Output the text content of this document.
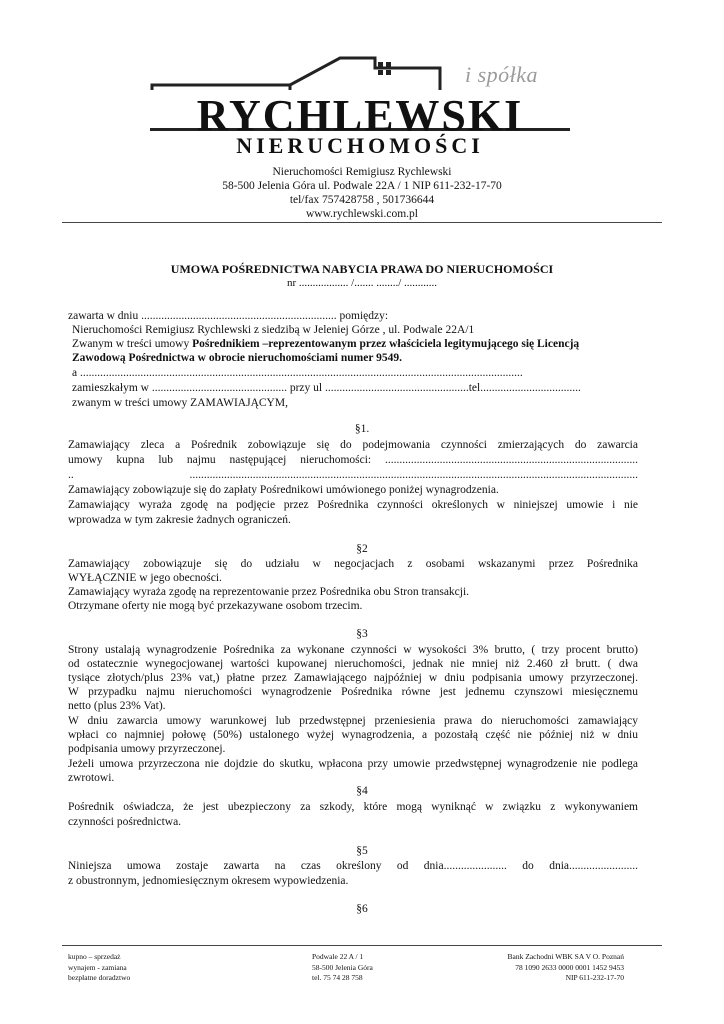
i spółka
RYCHLEWSKI
NIERUCHOMOŚCI
Nieruchomości Remigiusz Rychlewski
58-500 Jelenia Góra ul. Podwale 22A / 1 NIP 611-232-17-70
tel/fax 757428758 , 501736644
www.rychlewski.com.pl
UMOWA POŚREDNICTWA NABYCIA PRAWA DO NIERUCHOMOŚCI
nr .................. /....... ......../ ............
zawarta w dniu .................................................................... pomiędzy:
Nieruchomości Remigiusz Rychlewski z siedzibą w Jeleniej Górze , ul. Podwale 22A/1
Zwanym w treści umowy Pośrednikiem –reprezentowanym przez właściciela legitymującego się Licencją
Zawodową Pośrednictwa w obrocie nieruchomościami numer 9549.
a ..........................................................................................................................................................
zamieszkałym w ............................................... przy ul ..................................................tel...................................
zwanym w treści umowy ZAMAWIAJĄCYM,
§1.
Zamawiający zleca a Pośrednik zobowiązuje się do podejmowania czynności zmierzających do zawarcia
umowy kupna lub najmu następującej nieruchomości: ........................................................................................
.. ............................................................................................................................................................
Zamawiający zobowiązuje się do zapłaty Pośrednikowi umówionego poniżej wynagrodzenia.
Zamawiający wyraża zgodę na podjęcie przez Pośrednika czynności określonych w niniejszej umowie i nie
wprowadza w tym zakresie żadnych ograniczeń.
§2
Zamawiający zobowiązuje się do udziału w negocjacjach z osobami wskazanymi przez Pośrednika
WYŁĄCZNIE w jego obecności.
Zamawiający wyraża zgodę na reprezentowanie przez Pośrednika obu Stron transakcji.
Otrzymane oferty nie mogą być przekazywane osobom trzecim.
§3
Strony ustalają wynagrodzenie Pośrednika za wykonane czynności w wysokości 3% brutto, ( trzy procent brutto)
od ostatecznie wynegocjowanej wartości kupowanej nieruchomości, jednak nie mniej niż 2.460 zł brutt. ( dwa
tysiące złotych/plus 23% vat,) płatne przez Zamawiającego najpóźniej w dniu podpisania umowy przyrzeczonej.
W przypadku najmu nieruchomości wynagrodzenie Pośrednika równe jest jednemu czynszowi miesięcznemu
netto (plus 23% Vat).
W dniu zawarcia umowy warunkowej lub przedwstępnej przeniesienia prawa do nieruchomości zamawiający
wpłaci co najmniej połowę (50%) ustalonego wyżej wynagrodzenia, a pozostałą część nie później niż w dniu
podpisania umowy przyrzeczonej.
Jeżeli umowa przyrzeczona nie dojdzie do skutku, wpłacona przy umowie przedwstępnej wynagrodzenie nie podlega
zwrotowi.
§4
Pośrednik oświadcza, że jest ubezpieczony za szkody, które mogą wyniknąć w związku z wykonywaniem
czynności pośrednictwa.
§5
Niniejsza umowa zostaje zawarta na czas określony od dnia...................... do dnia........................
z obustronnym, jednomiesięcznym okresem wypowiedzenia.
§6
kupno – sprzedaż
wynajem - zamiana
bezpłatne doradztwo
Podwale 22 A / 1
58-500 Jelenia Góra
tel. 75 74 28 758
Bank Zachodni WBK SA V O. Poznań
78 1090 2633 0000 0001 1452 9453
NIP 611-232-17-70
